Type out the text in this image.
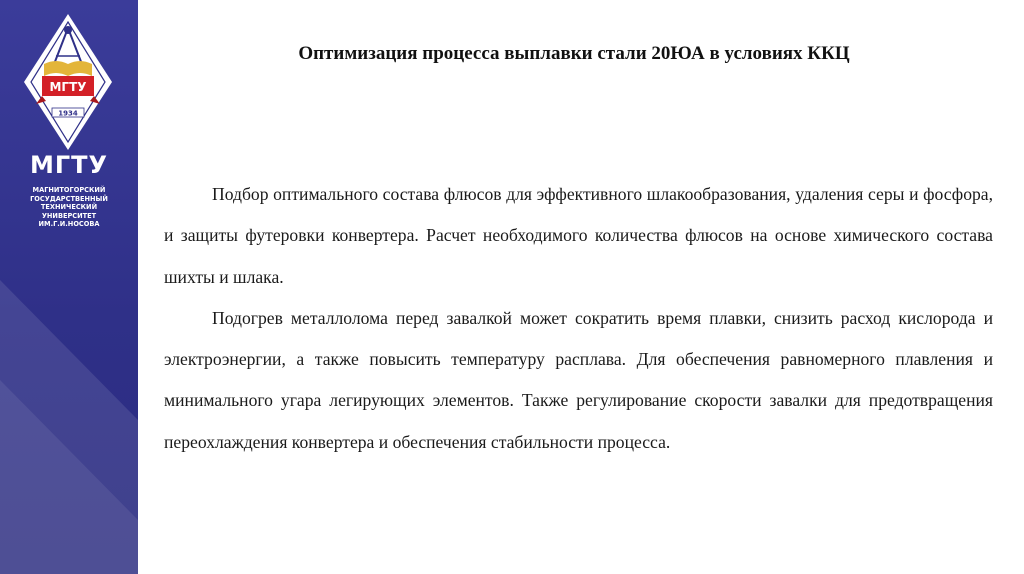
МГТУ
1934
МГТУ
МАГНИТОГОРСКИЙ
ГОСУДАРСТВЕННЫЙ
ТЕХНИЧЕСКИЙ
УНИВЕРСИТЕТ
ИМ.Г.И.НОСОВА
Оптимизация процесса выплавки стали 20ЮА в условиях ККЦ

Подбор оптимального состава флюсов для эффективного шлакообразования, удаления серы и фосфора, и защиты футеровки конвертера. Расчет необходимого количества флюсов на основе химического состава шихты и шлака.

Подогрев металлолома перед завалкой может сократить время плавки, снизить расход кислорода и электроэнергии, а также повысить температуру расплава. Для обеспечения равномерного плавления и минимального угара легирующих элементов. Также регулирование скорости завалки для предотвращения переохлаждения конвертера и обеспечения стабильности процесса.
